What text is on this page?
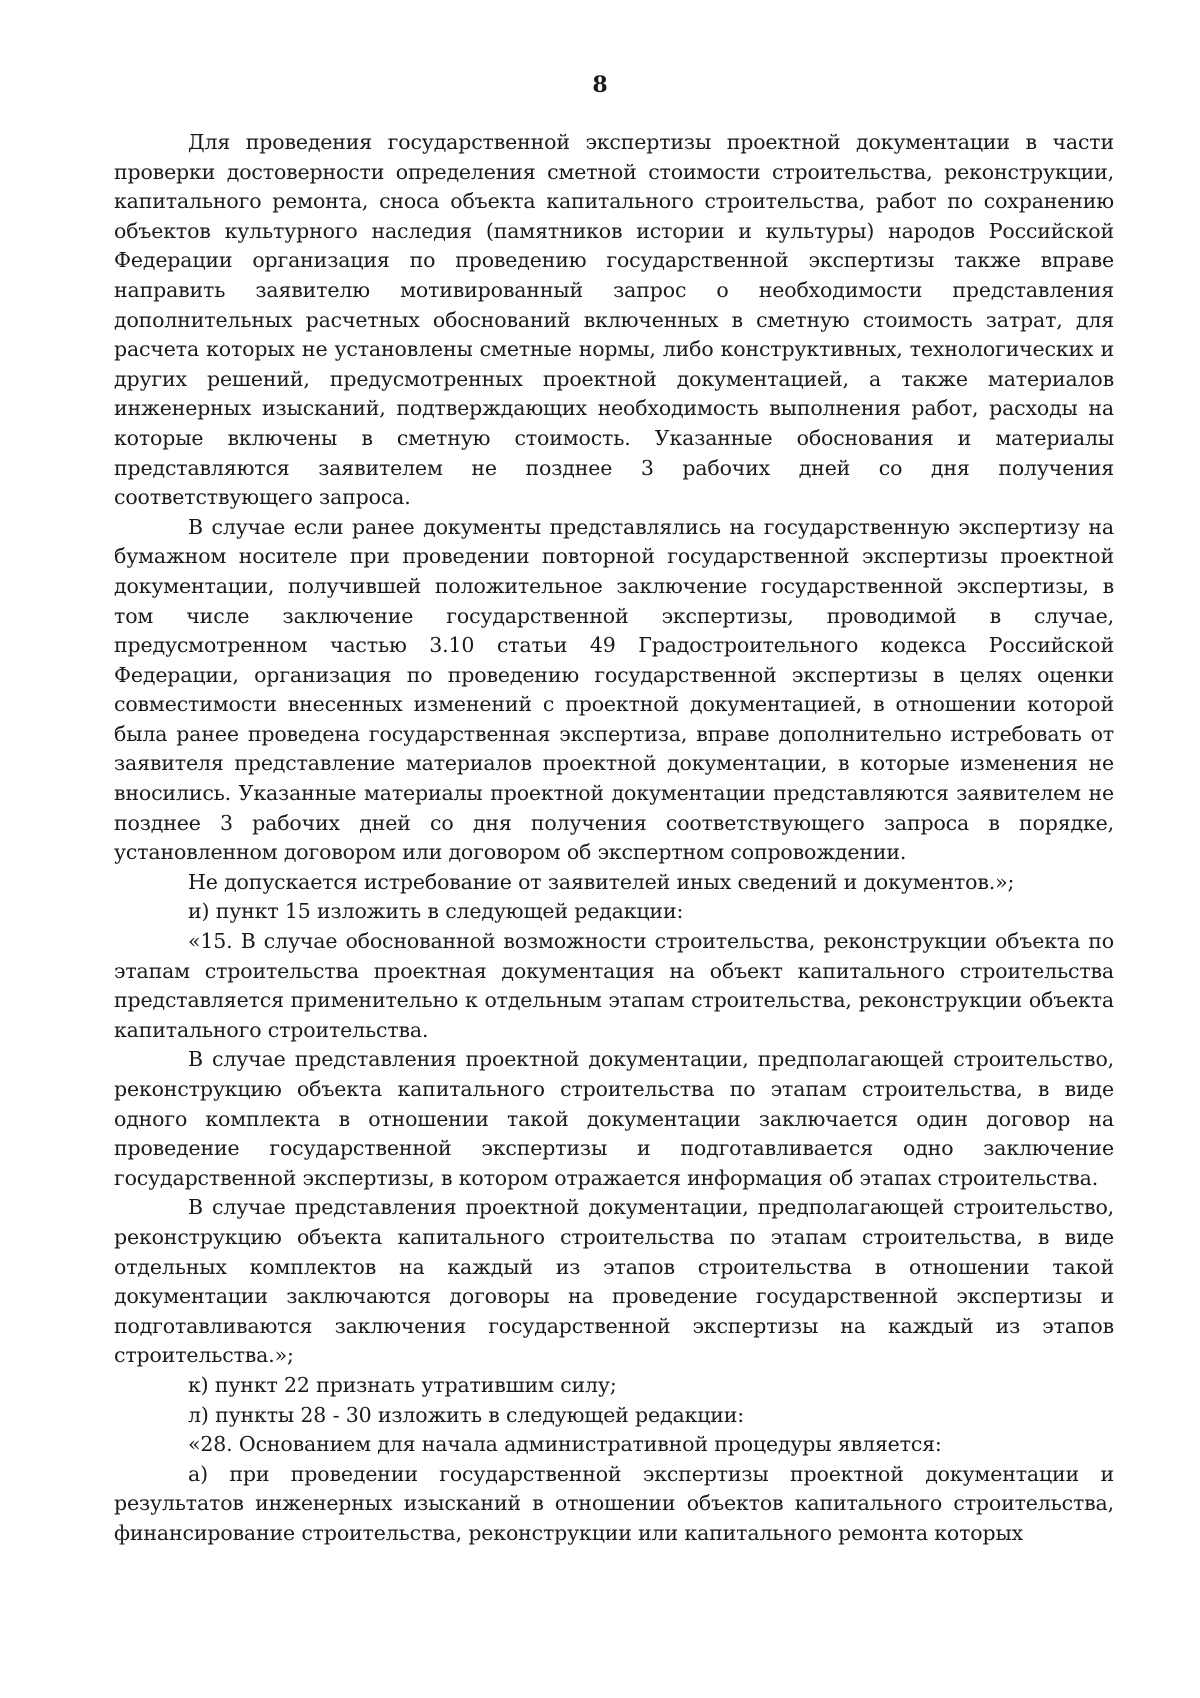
8

Для проведения государственной экспертизы проектной документации в части проверки достоверности определения сметной стоимости строительства, реконструкции, капитального ремонта, сноса объекта капитального строительства, работ по сохранению объектов культурного наследия (памятников истории и культуры) народов Российской Федерации организация по проведению государственной экспертизы также вправе направить заявителю мотивированный запрос о необходимости представления дополнительных расчетных обоснований включенных в сметную стоимость затрат, для расчета которых не установлены сметные нормы, либо конструктивных, технологических и других решений, предусмотренных проектной документацией, а также материалов инженерных изысканий, подтверждающих необходимость выполнения работ, расходы на которые включены в сметную стоимость. Указанные обоснования и материалы представляются заявителем не позднее 3 рабочих дней со дня получения соответствующего запроса.

В случае если ранее документы представлялись на государственную экспертизу на бумажном носителе при проведении повторной государственной экспертизы проектной документации, получившей положительное заключение государственной экспертизы, в том числе заключение государственной экспертизы, проводимой в случае, предусмотренном частью 3.10 статьи 49 Градостроительного кодекса Российской Федерации, организация по проведению государственной экспертизы в целях оценки совместимости внесенных изменений с проектной документацией, в отношении которой была ранее проведена государственная экспертиза, вправе дополнительно истребовать от заявителя представление материалов проектной документации, в которые изменения не вносились. Указанные материалы проектной документации представляются заявителем не позднее 3 рабочих дней со дня получения соответствующего запроса в порядке, установленном договором или договором об экспертном сопровождении.

Не допускается истребование от заявителей иных сведений и документов.»;

и) пункт 15 изложить в следующей редакции:

«15. В случае обоснованной возможности строительства, реконструкции объекта по этапам строительства проектная документация на объект капитального строительства представляется применительно к отдельным этапам строительства, реконструкции объекта капитального строительства.

В случае представления проектной документации, предполагающей строительство, реконструкцию объекта капитального строительства по этапам строительства, в виде одного комплекта в отношении такой документации заключается один договор на проведение государственной экспертизы и подготавливается одно заключение государственной экспертизы, в котором отражается информация об этапах строительства.

В случае представления проектной документации, предполагающей строительство, реконструкцию объекта капитального строительства по этапам строительства, в виде отдельных комплектов на каждый из этапов строительства в отношении такой документации заключаются договоры на проведение государственной экспертизы и подготавливаются заключения государственной экспертизы на каждый из этапов строительства.»;

к) пункт 22 признать утратившим силу;

л) пункты 28 - 30 изложить в следующей редакции:

«28. Основанием для начала административной процедуры является:

а) при проведении государственной экспертизы проектной документации и результатов инженерных изысканий в отношении объектов капитального строительства, финансирование строительства, реконструкции или капитального ремонта которых
